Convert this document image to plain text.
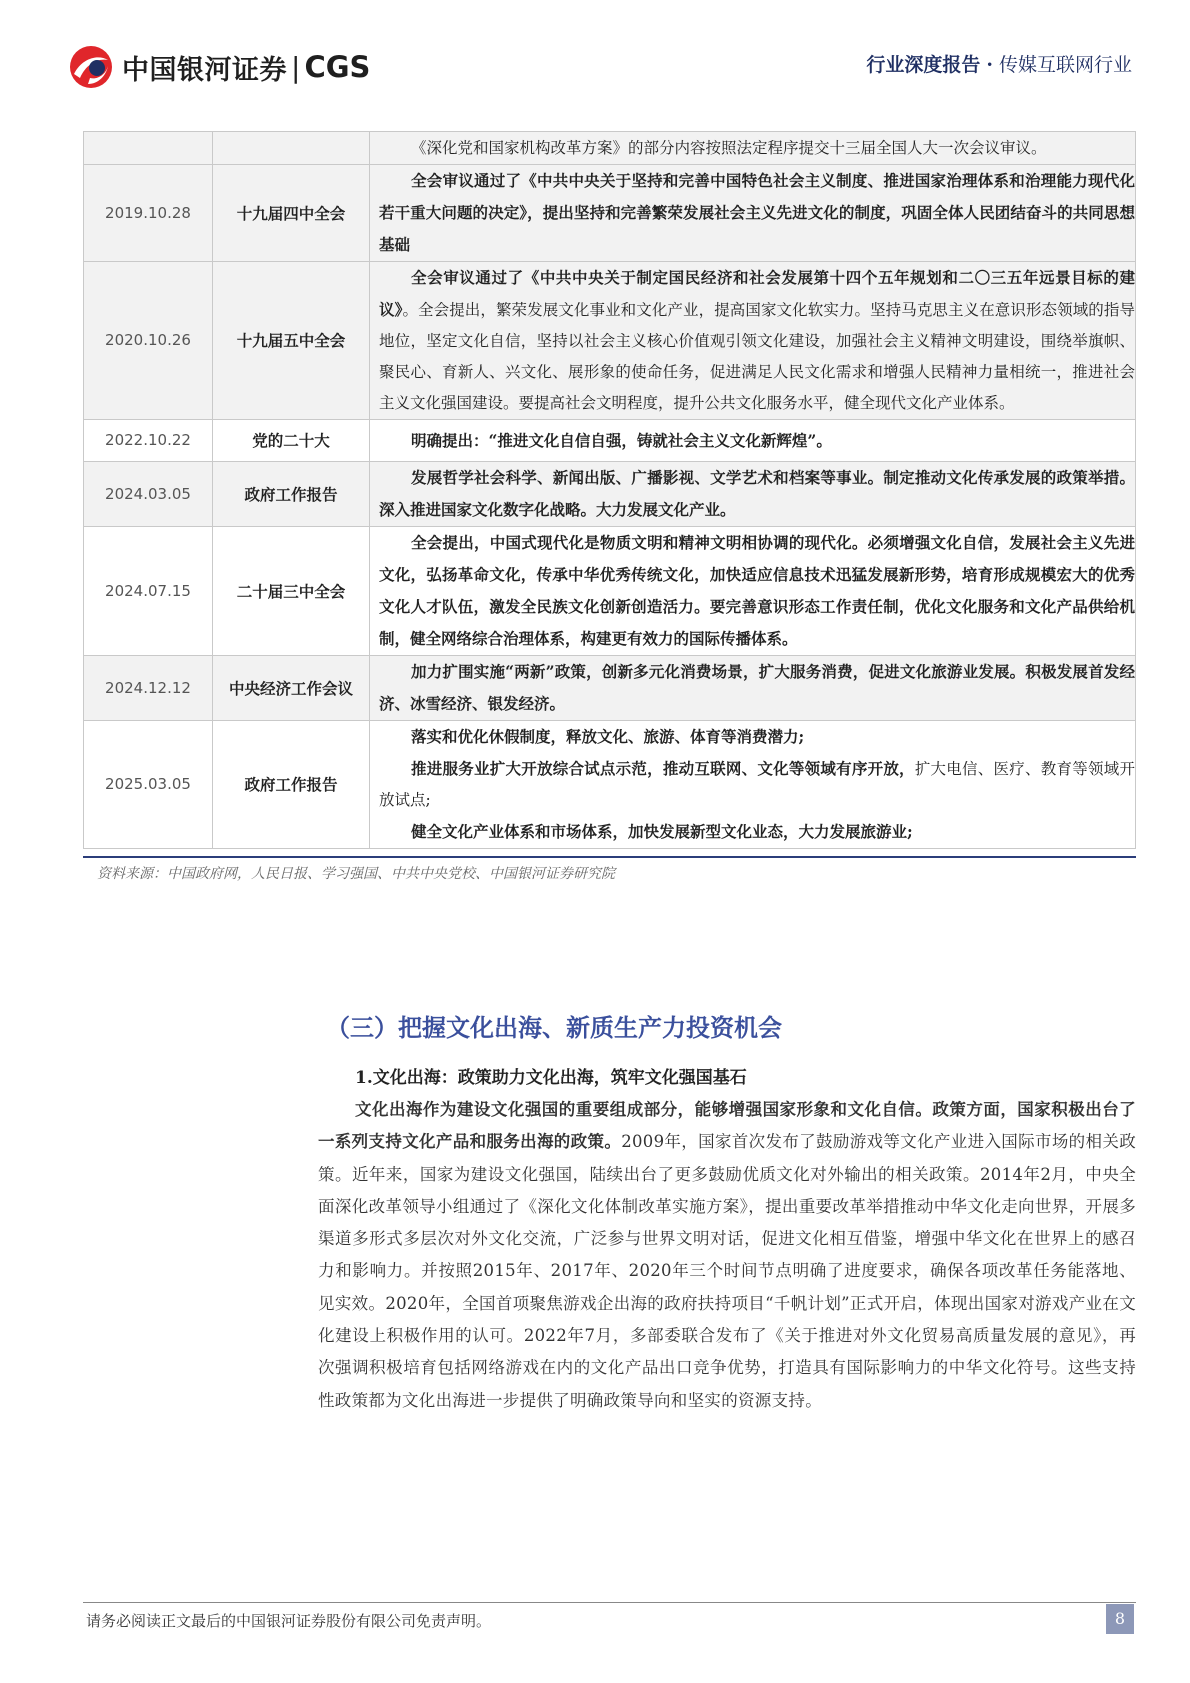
中国银河证券 | CGS	行业深度报告 · 传媒互联网行业

		《深化党和国家机构改革方案》的部分内容按照法定程序提交十三届全国人大一次会议审议。

2019.10.28	十九届四中全会	全会审议通过了《中共中央关于坚持和完善中国特色社会主义制度、推进国家治理体系和治理能力现代化若干重大问题的决定》，提出坚持和完善繁荣发展社会主义先进文化的制度，巩固全体人民团结奋斗的共同思想基础

2020.10.26	十九届五中全会	全会审议通过了《中共中央关于制定国民经济和社会发展第十四个五年规划和二〇三五年远景目标的建议》。全会提出，繁荣发展文化事业和文化产业，提高国家文化软实力。坚持马克思主义在意识形态领域的指导地位，坚定文化自信，坚持以社会主义核心价值观引领文化建设，加强社会主义精神文明建设，围绕举旗帜、聚民心、育新人、兴文化、展形象的使命任务，促进满足人民文化需求和增强人民精神力量相统一，推进社会主义文化强国建设。要提高社会文明程度，提升公共文化服务水平，健全现代文化产业体系。

2022.10.22	党的二十大	明确提出：“推进文化自信自强，铸就社会主义文化新辉煌”。

2024.03.05	政府工作报告	发展哲学社会科学、新闻出版、广播影视、文学艺术和档案等事业。制定推动文化传承发展的政策举措。深入推进国家文化数字化战略。大力发展文化产业。

2024.07.15	二十届三中全会	全会提出，中国式现代化是物质文明和精神文明相协调的现代化。必须增强文化自信，发展社会主义先进文化，弘扬革命文化，传承中华优秀传统文化，加快适应信息技术迅猛发展新形势，培育形成规模宏大的优秀文化人才队伍，激发全民族文化创新创造活力。要完善意识形态工作责任制，优化文化服务和文化产品供给机制，健全网络综合治理体系，构建更有效力的国际传播体系。

2024.12.12	中央经济工作会议	加力扩围实施“两新”政策，创新多元化消费场景，扩大服务消费，促进文化旅游业发展。积极发展首发经济、冰雪经济、银发经济。

2025.03.05	政府工作报告	落实和优化休假制度，释放文化、旅游、体育等消费潜力;

推进服务业扩大开放综合试点示范，推动互联网、文化等领域有序开放，扩大电信、医疗、教育等领域开放试点;

健全文化产业体系和市场体系，加快发展新型文化业态，大力发展旅游业;

资料来源：中国政府网，人民日报、学习强国、中共中央党校、中国银河证券研究院
（三）把握文化出海、新质生产力投资机会
1.文化出海：政策助力文化出海，筑牢文化强国基石

文化出海作为建设文化强国的重要组成部分，能够增强国家形象和文化自信。政策方面，国家积极出台了一系列支持文化产品和服务出海的政策。2009年，国家首次发布了鼓励游戏等文化产业进入国际市场的相关政策。近年来，国家为建设文化强国，陆续出台了更多鼓励优质文化对外输出的相关政策。2014年2月，中央全面深化改革领导小组通过了《深化文化体制改革实施方案》，提出重要改革举措推动中华文化走向世界，开展多渠道多形式多层次对外文化交流，广泛参与世界文明对话，促进文化相互借鉴，增强中华文化在世界上的感召力和影响力。并按照2015年、2017年、2020年三个时间节点明确了进度要求，确保各项改革任务能落地、见实效。2020年，全国首项聚焦游戏企出海的政府扶持项目“千帆计划”正式开启，体现出国家对游戏产业在文化建设上积极作用的认可。2022年7月，多部委联合发布了《关于推进对外文化贸易高质量发展的意见》，再次强调积极培育包括网络游戏在内的文化产品出口竞争优势，打造具有国际影响力的中华文化符号。这些支持性政策都为文化出海进一步提供了明确政策导向和坚实的资源支持。

请务必阅读正文最后的中国银河证券股份有限公司免责声明。	8
